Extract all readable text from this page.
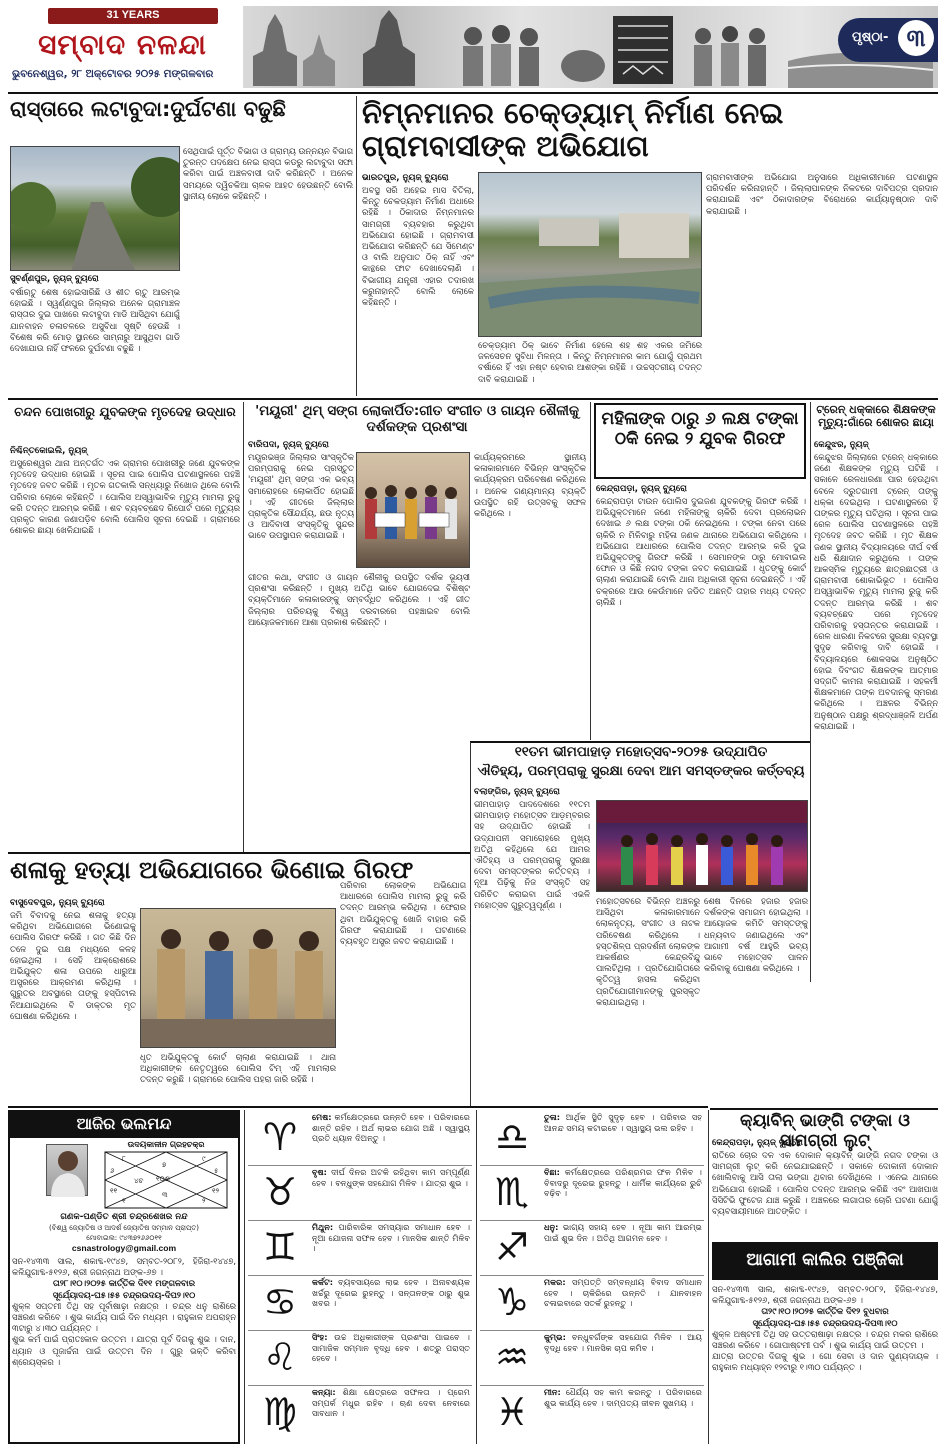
31 YEARS
ସମ୍ବାଦ ନଳନ୍ଦା
ଭୁବନେଶ୍ୱର, ୨୮ ଅକ୍ଟୋବର ୨୦୨୫ ମଙ୍ଗଳବାର
ପୃଷ୍ଠା- ୩
ରାସ୍ତାରେ ଲଟାବୁଦା:ଦୁର୍ଘଟଣା ବଢୁଛି
ସୁବର୍ଣ୍ଣପୁର, ନ୍ୟୁଜ୍ ବ୍ୟୁରୋ
ବର୍ଷାଋତୁ ଶେଷ ହୋଇସାରିଛି ଓ ଶୀତ ଋତୁ ଆରମ୍ଭ ହୋଇଛି । ସ୍ୱର୍ଣ୍ଣପୁର ଜିଲ୍ଲାର ଅନେକ ଗ୍ରାମାଞ୍ଚଳ ରାସ୍ତାର ଦୁଇ ପାଖରେ ଲଟାବୁଦା ମାଡି ଆସିଥିବା ଯୋଗୁଁ ଯାନବାହନ ଚଳାଚଳରେ ଅସୁବିଧା ସୃଷ୍ଟି ହେଉଛି । ବିଶେଷ କରି ମୋଡ଼ ସ୍ଥାନରେ ସାମ୍ନାରୁ ଆସୁଥିବା ଗାଡି ଦେଖାଯାଉ ନାହିଁ ଫଳରେ ଦୁର୍ଘଟଣା ବଢୁଛି ।
ସେଥିପାଇଁ ପୂର୍ତ୍ତ ବିଭାଗ ଓ ଗ୍ରାମ୍ୟ ଉନ୍ନୟନ ବିଭାଗ ତୁରନ୍ତ ପଦକ୍ଷେପ ନେଇ ରାସ୍ତା କଡରୁ ଲଟାବୁଦା ସଫା କରିବା ପାଇଁ ଅଞ୍ଚଳବାସୀ ଦାବି କରିଛନ୍ତି । ଅନେକ ସମୟରେ ଦ୍ୱିଚକିଆ ଚାଳକ ଆହତ ହେଉଛନ୍ତି ବୋଲି ସ୍ଥାନୀୟ ଲୋକେ କହିଛନ୍ତି ।
ନିମ୍ନମାନର ଚେକ୍‌ଡ୍ୟାମ୍ ନିର୍ମାଣ ନେଇ ଗ୍ରାମବାସୀଙ୍କ ଅଭିଯୋଗ
ଭାରତପୁର, ନ୍ୟୁଜ୍ ବ୍ୟୁରୋ
ଅବସ୍ଥ ସରି ଅହେଇ ମାସ ବିତିଲା, କିନ୍ତୁ ଚେକଡ୍ୟାମ ନିର୍ମାଣ ଅଧାରେ ରହିଛି । ଠିକାଦାର ନିମ୍ନମାନର ସାମଗ୍ରୀ ବ୍ୟବହାର କରୁଥିବା ଅଭିଯୋଗ ହୋଇଛି । ଗ୍ରାମବାସୀ ଅଭିଯୋଗ କରିଛନ୍ତି ଯେ ସିମେଣ୍ଟ ଓ ବାଲି ଅନୁପାତ ଠିକ୍ ନାହିଁ ଏବଂ କାନ୍ଥରେ ଫାଟ ଦେଖାଦେଲାଣି । ବିଭାଗୀୟ ଯନ୍ତ୍ରୀ ଏହାର ତଦାରଖ କରୁନାହାନ୍ତି ବୋଲି ଲୋକେ କହିଛନ୍ତି ।
ଚେକ୍‌ଡ୍ୟାମ ଠିକ୍ ଭାବେ ନିର୍ମାଣ ହେଲେ ଶହ ଶହ ଏକର ଜମିରେ ଜଳସେଚନ ସୁବିଧା ମିଳନ୍ତା । କିନ୍ତୁ ନିମ୍ନମାନର କାମ ଯୋଗୁଁ ପ୍ରଥମ ବର୍ଷାରେ ହିଁ ଏହା ନଷ୍ଟ ହେବାର ଆଶଙ୍କା ରହିଛି । ଉଚ୍ଚସ୍ତରୀୟ ତଦନ୍ତ ଦାବି କରାଯାଇଛି ।
ଗ୍ରାମବାସୀଙ୍କ ଅଭିଯୋଗ ଅନୁସାରେ ଅଧିକାରୀମାନେ ଘଟଣାସ୍ଥଳ ପରିଦର୍ଶନ କରିନାହାନ୍ତି । ଜିଲ୍ଲାପାଳଙ୍କ ନିକଟରେ ଦାବିପତ୍ର ପ୍ରଦାନ କରାଯାଇଛି ଏବଂ ଠିକାଦାରଙ୍କ ବିରୋଧରେ କାର୍ଯ୍ୟାନୁଷ୍ଠାନ ଦାବି କରାଯାଇଛି ।
ଚନ୍ଦନ ପୋଖରୀରୁ ଯୁବକଙ୍କ ମୃତଦେହ ଉଦ୍ଧାର
ନିଶ୍ଚିନ୍ତକୋଇଲି, ନ୍ୟୁଜ୍
ଅସୁରେଶ୍ୱର ଥାନା ଅନ୍ତର୍ଗତ ଏକ ଗ୍ରାମର ପୋଖରୀରୁ ଜଣେ ଯୁବକଙ୍କ ମୃତଦେହ ଉଦ୍ଧାର ହୋଇଛି । ସୂଚନା ପାଇ ପୋଲିସ ଘଟଣାସ୍ଥଳରେ ପହଞ୍ଚି ମୃତଦେହ ଜବତ କରିଛି । ମୃତକ ଗତକାଲି ସନ୍ଧ୍ୟାରୁ ନିଖୋଜ ଥିଲେ ବୋଲି ପରିବାର ଲୋକେ କହିଛନ୍ତି । ପୋଲିସ ଅସ୍ୱାଭାବିକ ମୃତ୍ୟୁ ମାମଲା ରୁଜୁ କରି ତଦନ୍ତ ଆରମ୍ଭ କରିଛି । ଶବ ବ୍ୟବଚ୍ଛେଦ ରିପୋର୍ଟ ପରେ ମୃତ୍ୟୁର ପ୍ରକୃତ କାରଣ ଜଣାପଡ଼ିବ ବୋଲି ପୋଲିସ ସୂଚନା ଦେଇଛି । ଗ୍ରାମରେ ଶୋକର ଛାୟା ଖେଳିଯାଇଛି ।
'ମୟୂରୀ' ଥିମ୍ ସଙ୍ଗ ଲୋକାର୍ପିତ:ଗୀତ ସଂଗୀତ ଓ ଗାୟନ ଶୈଳୀକୁ ଦର୍ଶକଙ୍କ ପ୍ରଶଂସା
ବାରିପଦା, ନ୍ୟୁଜ୍ ବ୍ୟୁରୋ
ମୟୂରଭଞ୍ଜ ଜିଲ୍ଲାର ସାଂସ୍କୃତିକ ପରମ୍ପରାକୁ ନେଇ ପ୍ରସ୍ତୁତ 'ମୟୂରୀ' ଥିମ୍ ସଙ୍ଗ ଏକ ଭବ୍ୟ ସମାରୋହରେ ଲୋକାର୍ପିତ ହୋଇଛି । ଏହି ଗୀତରେ ଜିଲ୍ଲାର ପ୍ରାକୃତିକ ସୌନ୍ଦର୍ଯ୍ୟ, ଛଉ ନୃତ୍ୟ ଓ ଆଦିବାସୀ ସଂସ୍କୃତିକୁ ସୁନ୍ଦର ଭାବେ ଉପସ୍ଥାପନ କରାଯାଇଛି ।
ଗୀତର କଥା, ସଂଗୀତ ଓ ଗାୟନ ଶୈଳୀକୁ ଉପସ୍ଥିତ ଦର୍ଶକ ଭୂୟସୀ ପ୍ରଶଂସା କରିଛନ୍ତି । ମୁଖ୍ୟ ଅତିଥି ଭାବେ ଯୋଗଦେଇ ବିଶିଷ୍ଟ ବ୍ୟକ୍ତିମାନେ କଳାକାରଙ୍କୁ ସମ୍ବର୍ଦ୍ଧିତ କରିଥିଲେ । ଏହି ଗୀତ ଜିଲ୍ଲାର ପରିଚୟକୁ ବିଶ୍ୱ ଦରବାରରେ ପହଞ୍ଚାଇବ ବୋଲି ଆୟୋଜକମାନେ ଆଶା ପ୍ରକାଶ କରିଛନ୍ତି ।
କାର୍ଯ୍ୟକ୍ରମରେ ସ୍ଥାନୀୟ କଳାକାରମାନେ ବିଭିନ୍ନ ସାଂସ୍କୃତିକ କାର୍ଯ୍ୟକ୍ରମ ପରିବେଷଣ କରିଥିଲେ । ଅନେକ ଗଣ୍ୟମାନ୍ୟ ବ୍ୟକ୍ତି ଉପସ୍ଥିତ ରହି ଉତ୍ସବକୁ ସଫଳ କରିଥିଲେ ।
ମହିଳାଙ୍କ ଠାରୁ ୬ ଲକ୍ଷ ଟଙ୍କା ଠକି ନେଇ ୨ ଯୁବକ ଗିରଫ
କେନ୍ଦ୍ରାପଡ଼ା, ନ୍ୟୁଜ୍ ବ୍ୟୁରୋ
କେନ୍ଦ୍ରାପଡ଼ା ଟାଉନ ପୋଲିସ ଦୁଇଜଣ ଯୁବକଙ୍କୁ ଗିରଫ କରିଛି । ଅଭିଯୁକ୍ତମାନେ ଜଣେ ମହିଳାଙ୍କୁ ଚାକିରି ଦେବା ପ୍ରଲୋଭନ ଦେଖାଇ ୬ ଲକ୍ଷ ଟଙ୍କା ଠକି ନେଇଥିଲେ । ଟଙ୍କା ନେବା ପରେ ଚାକିରି ନ ମିଳିବାରୁ ମହିଳା ଜଣକ ଥାନାରେ ଅଭିଯୋଗ କରିଥିଲେ । ଅଭିଯୋଗ ଆଧାରରେ ପୋଲିସ ତଦନ୍ତ ଆରମ୍ଭ କରି ଦୁଇ ଅଭିଯୁକ୍ତଙ୍କୁ ଗିରଫ କରିଛି । ସେମାନଙ୍କ ଠାରୁ ମୋବାଇଲ ଫୋନ ଓ କିଛି ନଗଦ ଟଙ୍କା ଜବତ କରାଯାଇଛି । ଧୃତଙ୍କୁ କୋର୍ଟ ଚାଲାଣ କରାଯାଇଛି ବୋଲି ଥାନା ଅଧିକାରୀ ସୂଚନା ଦେଇଛନ୍ତି । ଏହି ଚକ୍ରରେ ଆଉ କେଉଁମାନେ ଜଡିତ ଅଛନ୍ତି ତାହାର ମଧ୍ୟ ତଦନ୍ତ ଚାଲିଛି ।
ଟ୍ରେନ୍ ଧକ୍କାରେ ଶିକ୍ଷକଙ୍କ ମୃତ୍ୟୁ:ଗାଁରେ ଶୋକର ଛାୟା
କେନ୍ଦୁଝର, ନ୍ୟୁଜ୍
କେନ୍ଦୁଝର ଜିଲ୍ଲାରେ ଟ୍ରେନ୍ ଧକ୍କାରେ ଜଣେ ଶିକ୍ଷକଙ୍କ ମୃତ୍ୟୁ ଘଟିଛି । ସକାଳେ ରେଳଧାରଣା ପାର ହେଉଥିବା ବେଳେ ଦ୍ରୁତଗାମୀ ଟ୍ରେନ୍ ତାଙ୍କୁ ଧକ୍କା ଦେଇଥିଲା । ଘଟଣାସ୍ଥଳରେ ହିଁ ତାଙ୍କର ମୃତ୍ୟୁ ଘଟିଥିଲା । ସୂଚନା ପାଇ ରେଳ ପୋଲିସ ଘଟଣାସ୍ଥଳରେ ପହଞ୍ଚି ମୃତଦେହ ଜବତ କରିଛି । ମୃତ ଶିକ୍ଷକ ଜଣକ ସ୍ଥାନୀୟ ବିଦ୍ୟାଳୟରେ ଦୀର୍ଘ ବର୍ଷ ଧରି ଶିକ୍ଷାଦାନ କରୁଥିଲେ । ତାଙ୍କ ଆକସ୍ମିକ ମୃତ୍ୟୁରେ ଛାତ୍ରଛାତ୍ରୀ ଓ ଗ୍ରାମବାସୀ ଶୋକାଭିଭୂତ । ପୋଲିସ ଅସ୍ୱାଭାବିକ ମୃତ୍ୟୁ ମାମଲା ରୁଜୁ କରି ତଦନ୍ତ ଆରମ୍ଭ କରିଛି । ଶବ ବ୍ୟବଚ୍ଛେଦ ପରେ ମୃତଦେହ ପରିବାରକୁ ହସ୍ତାନ୍ତର କରାଯାଇଛି । ରେଳ ଧାରଣା ନିକଟରେ ସୁରକ୍ଷା ବ୍ୟବସ୍ଥା ସୁଦୃଢ କରିବାକୁ ଦାବି ହୋଇଛି । ବିଦ୍ୟାଳୟରେ ଶୋକସଭା ଅନୁଷ୍ଠିତ ହୋଇ ଦିବଂଗତ ଶିକ୍ଷକଙ୍କ ଆତ୍ମାର ସଦ୍‌ଗତି କାମନା କରାଯାଇଛି । ସହକର୍ମୀ ଶିକ୍ଷକମାନେ ତାଙ୍କ ଅବଦାନକୁ ସ୍ମରଣ କରିଥିଲେ । ଅଞ୍ଚଳର ବିଭିନ୍ନ ଅନୁଷ୍ଠାନ ପକ୍ଷରୁ ଶ୍ରଦ୍ଧାଞ୍ଜଳି ଅର୍ପଣ କରାଯାଇଛି ।
୧୧ତମ ଭୀମପାହାଡ଼ ମହୋତ୍ସବ-୨୦୨୫ ଉଦ୍‌ଯାପିତ
ଐତିହ୍ୟ, ପରମ୍ପରାକୁ ସୁରକ୍ଷା ଦେବା ଆମ ସମସ୍ତଙ୍କର କର୍ତ୍ତବ୍ୟ
ବଲାଙ୍ଗିର, ନ୍ୟୁଜ୍ ବ୍ୟୁରୋ
ଭୀମପାହାଡ଼ ପାଦଦେଶରେ ୧୧ତମ ଭୀମପାହାଡ଼ ମହୋତ୍ସବ ଆଡ଼ମ୍ବରର ସହ ଉଦ୍‌ଯାପିତ ହୋଇଛି । ଉଦ୍‌ଯାପନୀ ସମାରୋହରେ ମୁଖ୍ୟ ଅତିଥି କହିଥିଲେ ଯେ ଆମର ଐତିହ୍ୟ ଓ ପରମ୍ପରାକୁ ସୁରକ୍ଷା ଦେବା ସମସ୍ତଙ୍କର କର୍ତ୍ତବ୍ୟ । ନୂଆ ପିଢ଼ିକୁ ନିଜ ସଂସ୍କୃତି ସହ ପରିଚିତ କରାଇବା ପାଇଁ ଏଭଳି ମହୋତ୍ସବ ଗୁରୁତ୍ୱପୂର୍ଣ୍ଣ ।	ମହୋତ୍ସବରେ ବିଭିନ୍ନ ଅଞ୍ଚଳରୁ ଆସିଥିବା କଳାକାରମାନେ ଲୋକନୃତ୍ୟ, ସଂଗୀତ ଓ ନାଟକ ପରିବେଷଣ କରିଥିଲେ । ହସ୍ତଶିଳ୍ପ ପ୍ରଦର୍ଶନୀ ଲୋକଙ୍କ ଆକର୍ଷଣର କେନ୍ଦ୍ରବିନ୍ଦୁ ପାଲଟିଥିଲା । ପ୍ରତିଯୋଗିତାରେ କୃତିତ୍ୱ ହାସଲ କରିଥିବା ପ୍ରତିଯୋଗୀମାନଙ୍କୁ ପୁରସ୍କୃତ କରାଯାଇଥିଲା ।
ଶେଷ ଦିନରେ ହଜାର ହଜାର ଦର୍ଶକଙ୍କ ସମାଗମ ହୋଇଥିଲା । ଆୟୋଜକ କମିଟି ସମସ୍ତଙ୍କୁ ଧନ୍ୟବାଦ ଜଣାଇଥିଲେ ଏବଂ ଆଗାମୀ ବର୍ଷ ଆହୁରି ଭବ୍ୟ ଭାବେ ମହୋତ୍ସବ ପାଳନ କରିବାକୁ ଘୋଷଣା କରିଥିଲେ ।
ଶଳାକୁ ହତ୍ୟା ଅଭିଯୋଗରେ ଭିଣୋଇ ଗିରଫ
ବାସୁଦେବପୁର, ନ୍ୟୁଜ୍ ବ୍ୟୁରୋ
ଜମି ବିବାଦକୁ ନେଇ ଶଳାକୁ ହତ୍ୟା କରିଥିବା ଅଭିଯୋଗରେ ଭିଣୋଇକୁ ପୋଲିସ ଗିରଫ କରିଛି । ଗତ କିଛି ଦିନ ତଳେ ଦୁଇ ପକ୍ଷ ମଧ୍ୟରେ କଳହ ହୋଇଥିଲା । ସେହି ଆକ୍ରୋଶରେ ଅଭିଯୁକ୍ତ ଶଳା ଉପରେ ଧାରୁଆ ଅସ୍ତ୍ରରେ ଆକ୍ରମଣ କରିଥିଲା । ଗୁରୁତର ଅବସ୍ଥାରେ ତାଙ୍କୁ ହସ୍ପିଟାଲ ନିଆଯାଇଥିଲେ ବି ଡାକ୍ତର ମୃତ ଘୋଷଣା କରିଥିଲେ ।
ପରିବାର ଲୋକଙ୍କ ଅଭିଯୋଗ ଆଧାରରେ ପୋଲିସ ମାମଲା ରୁଜୁ କରି ତଦନ୍ତ ଆରମ୍ଭ କରିଥିଲା । ଫେରାର ଥିବା ଅଭିଯୁକ୍ତକୁ ଖୋଜି ବାହାର କରି ଗିରଫ କରାଯାଇଛି । ଘଟଣାରେ ବ୍ୟବହୃତ ଅସ୍ତ୍ର ଜବତ କରାଯାଇଛି ।
ଧୃତ ଅଭିଯୁକ୍ତକୁ କୋର୍ଟ ଚାଲାଣ କରାଯାଇଛି । ଥାନା ଅଧିକାରୀଙ୍କ ନେତୃତ୍ୱରେ ପୋଲିସ ଟିମ୍ ଏହି ମାମଲାର ତଦନ୍ତ କରୁଛି । ଗ୍ରାମରେ ପୋଲିସ ପହରା ଜାରି ରହିଛି ।
କ୍ୟାବିନ୍ ଭାଙ୍ଗି ଟଙ୍କା ଓ ସାମଗ୍ରୀ ଲୁଟ୍
କେନ୍ଦ୍ରାପଡ଼ା, ନ୍ୟୁଜ୍ ବ୍ୟୁରୋ
ରାତିରେ ଚୋର ଦଳ ଏକ ଦୋକାନ କ୍ୟାବିନ୍ ଭାଙ୍ଗି ନଗଦ ଟଙ୍କା ଓ ସାମଗ୍ରୀ ଲୁଟ୍ କରି ନେଇଯାଇଛନ୍ତି । ସକାଳେ ଦୋକାନୀ ଦୋକାନ ଖୋଲିବାକୁ ଆସି ତାଲା ଭଙ୍ଗା ଥିବାର ଦେଖିଥିଲେ । ଏନେଇ ଥାନାରେ ଅଭିଯୋଗ ହୋଇଛି । ପୋଲିସ ତଦନ୍ତ ଆରମ୍ଭ କରିଛି ଏବଂ ଆଖପାଖ ସିସିଟିଭି ଫୁଟେଜ ଯାଞ୍ଚ କରୁଛି । ଅଞ୍ଚଳରେ ଲଗାତାର ଚୋରି ଘଟଣା ଯୋଗୁଁ ବ୍ୟବସାୟୀମାନେ ଆତଙ୍କିତ ।
ଆଗାମୀ କାଲିର ପଞ୍ଜିକା
ସନ-୧୪୩୩ ସାଲ, ଶକାବ୍ଦ-୧୯୪୭, ସମ୍ବତ-୨୦୮୨, ହିଜିରା-୧୪୪୭, କଳିଯୁଗାବ୍ଦ-୫୧୨୬, ଶ୍ରୀ ଜଗନ୍ନାଥ ଅଙ୍କ-୬୭ ।
ତା୨୯।୧୦।୨୦୨୫ କାର୍ତ୍ତିକ ଦି୧୨ ବୁଧବାର
ସୂର୍ଯ୍ୟୋଦୟ-ଘ୫।୫୫ ଚନ୍ଦ୍ରଉଦୟ-ଦିପ୩।୧୦
ଶୁକ୍ଳ ଅଷ୍ଟମୀ ତିଥି ସହ ଉତ୍ତରାଷାଢ଼ା ନକ୍ଷତ୍ର । ଚନ୍ଦ୍ର ମକର ରାଶିରେ ସଞ୍ଚରଣ କରିବେ । ଗୋପାଷ୍ଟମୀ ପର୍ବ । ଶୁଭ କାର୍ଯ୍ୟ ପାଇଁ ଉତ୍ତମ ।
ଯାତ୍ରା ଉତ୍ତର ଦିଗକୁ ଶୁଭ । ଗୋ ସେବା ଓ ଦାନ ପୁଣ୍ୟଦାୟକ । ରାହୁକାଳ ମଧ୍ୟାହ୍ନ ୧୨ଟାରୁ ୧।୩୦ ପର୍ଯ୍ୟନ୍ତ ।
ଆଜିର ଭଲମନ୍ଦ
ଉଦୟକାଳୀନ ଗ୍ରହଚକ୍ର
୮
୭
୯
୬
୧୦ଶ
୫
୧୧
୪ଚ
୧୨
୧
୩
୨
ଗଣକ-ପଣ୍ଡିତ ଶ୍ରୀ ଚନ୍ଦ୍ରଶେଖର ନନ୍ଦ
(ବିଶ୍ୱ ଜ୍ୟୋତିଷ ଓ ଆଦର୍ଶ ଜ୍ୟୋତିଷ ସମ୍ମାନ ପ୍ରାପ୍ତ)
ମୋବାଇଲ: ୯୪୩୭୨୬୬୦୧୧
csnastrology@gmail.com
ସନ-୧୪୩୩ ସାଲ, ଶକାବ୍ଦ-୧୯୪୭, ସମ୍ବତ-୨୦୮୨, ହିଜିରା-୧୪୪୭, କଳିଯୁଗାବ୍ଦ-୫୧୨୬, ଶ୍ରୀ ଜଗନ୍ନାଥ ଅଙ୍କ-୬୭ ।
ତା୨୮।୧୦।୨୦୨୫ କାର୍ତ୍ତିକ ଦି୧୧ ମଙ୍ଗଳବାର
ସୂର୍ଯ୍ୟୋଦୟ-ଘ୫।୫୫ ଚନ୍ଦ୍ରଉଦୟ-ଦିପ୨।୧୦
ଶୁକ୍ଳ ସପ୍ତମୀ ତିଥି ସହ ପୂର୍ବାଷାଢ଼ା ନକ୍ଷତ୍ର । ଚନ୍ଦ୍ର ଧନୁ ରାଶିରେ ସଞ୍ଚରଣ କରିବେ । ଶୁଭ କାର୍ଯ୍ୟ ପାଇଁ ଦିନ ମଧ୍ୟମ । ରାହୁକାଳ ଅପରାହ୍ନ ୩ଟାରୁ ୪।୩୦ ପର୍ଯ୍ୟନ୍ତ ।
ଶୁଭ କର୍ମ ପାଇଁ ପ୍ରାତଃକାଳ ଉତ୍ତମ । ଯାତ୍ରା ପୂର୍ବ ଦିଗକୁ ଶୁଭ । ଦାନ, ଧ୍ୟାନ ଓ ପୂଜାର୍ଚ୍ଚନା ପାଇଁ ଉତ୍ତମ ଦିନ । ଗୁରୁ ଭକ୍ତି କରିବା ଶ୍ରେୟସ୍କର ।
♈	ମେଷ: କର୍ମକ୍ଷେତ୍ରରେ ଉନ୍ନତି ହେବ । ପରିବାରରେ ଶାନ୍ତି ରହିବ । ଅର୍ଥ ଲାଭର ଯୋଗ ଅଛି । ସ୍ୱାସ୍ଥ୍ୟ ପ୍ରତି ଧ୍ୟାନ ଦିଅନ୍ତୁ ।
♉	ବୃଷ: ଦୀର୍ଘ ଦିନର ଅଟକି ରହିଥିବା କାମ ସମ୍ପୂର୍ଣ୍ଣ ହେବ । ବନ୍ଧୁଙ୍କ ସହଯୋଗ ମିଳିବ । ଯାତ୍ରା ଶୁଭ ।
♊	ମିଥୁନ: ପାରିବାରିକ ସମସ୍ୟାର ସମାଧାନ ହେବ । ନୂଆ ଯୋଜନା ସଫଳ ହେବ । ମାନସିକ ଶାନ୍ତି ମିଳିବ ।
♋	କର୍କଟ: ବ୍ୟବସାୟରେ ଲାଭ ହେବ । ଅନାବଶ୍ୟକ ଖର୍ଚ୍ଚରୁ ଦୂରେଇ ରୁହନ୍ତୁ । ସନ୍ତାନଙ୍କ ଠାରୁ ଶୁଭ ଖବର ।
♌	ସିଂହ: ଉଚ୍ଚ ଅଧିକାରୀଙ୍କ ପ୍ରଶଂସା ପାଇବେ । ସାମାଜିକ ସମ୍ମାନ ବୃଦ୍ଧି ହେବ । ଶତ୍ରୁ ପରାସ୍ତ ହେବେ ।
♍	କନ୍ୟା: ଶିକ୍ଷା କ୍ଷେତ୍ରରେ ସଫଳତା । ପ୍ରେମ ସମ୍ପର୍କ ମଧୁର ରହିବ । ଋଣ ଦେବା ନେବାରେ ସାବଧାନ ।
♎	ତୁଳା: ଆର୍ଥିକ ସ୍ଥିତି ସୁଦୃଢ଼ ହେବ । ପରିବାର ସହ ଆନନ୍ଦ ସମୟ କଟାଇବେ । ସ୍ୱାସ୍ଥ୍ୟ ଭଲ ରହିବ ।
♏	ବିଛା: କର୍ମକ୍ଷେତ୍ରରେ ପରିଶ୍ରମର ଫଳ ମିଳିବ । ବିବାଦରୁ ଦୂରେଇ ରୁହନ୍ତୁ । ଧାର୍ମିକ କାର୍ଯ୍ୟରେ ରୁଚି ବଢ଼ିବ ।
♐	ଧନୁ: ଭାଗ୍ୟ ସହାୟ ହେବ । ନୂଆ କାମ ଆରମ୍ଭ ପାଇଁ ଶୁଭ ଦିନ । ଅତିଥି ଆଗମନ ହେବ ।
♑	ମକର: ସମ୍ପତ୍ତି ସମ୍ବନ୍ଧୀୟ ବିବାଦ ସମାଧାନ ହେବ । ଚାକିରିରେ ଉନ୍ନତି । ଯାନବାହନ ଚଳାଇବାରେ ସତର୍କ ରୁହନ୍ତୁ ।
♒	କୁମ୍ଭ: ବନ୍ଧୁବର୍ଗଙ୍କ ସହଯୋଗ ମିଳିବ । ଆୟ ବୃଦ୍ଧି ହେବ । ମାନସିକ ଚାପ କମିବ ।
♓	ମୀନ: ଧୈର୍ଯ୍ୟ ସହ କାମ କରନ୍ତୁ । ପରିବାରରେ ଶୁଭ କାର୍ଯ୍ୟ ହେବ । ଦାମ୍ପତ୍ୟ ଜୀବନ ସୁଖମୟ ।
